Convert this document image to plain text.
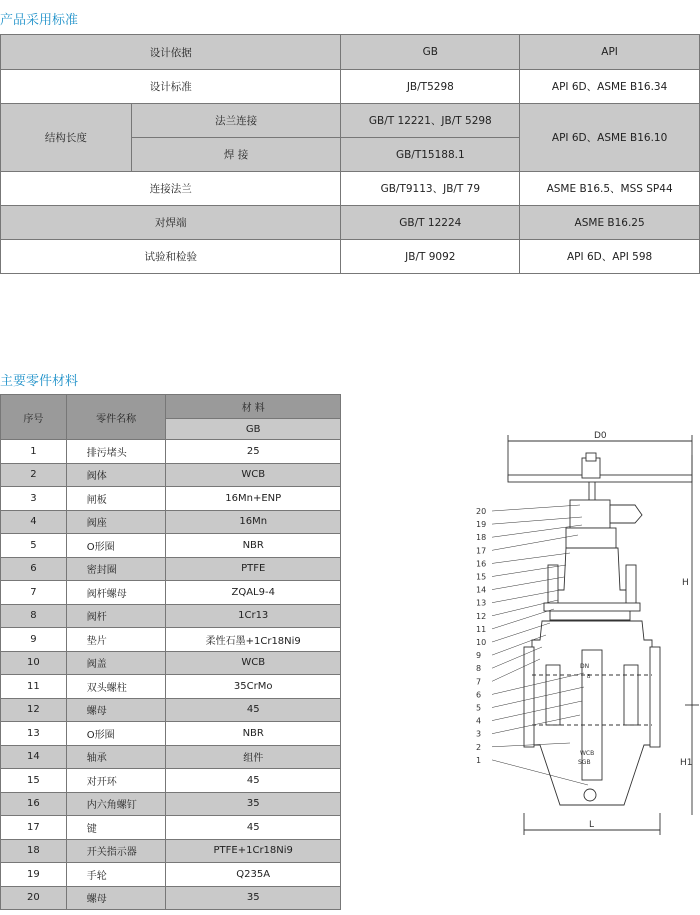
产品采用标准
设计依据		GB	API
设计标准		JB/T5298	API 6D、ASME B16.34
结构长度	法兰连接	GB/T 12221、JB/T 5298	API 6D、ASME B16.10
	焊 接	GB/T15188.1	
连接法兰		GB/T9113、JB/T 79	ASME B16.5、MSS SP44
对焊端		GB/T 12224	ASME B16.25
试验和检验		JB/T 9092	API 6D、API 598
主要零件材料
序号	零件名称	材 料
		GB
1	排污堵头	25
2	阀体	WCB
3	闸板	16Mn+ENP
4	阀座	16Mn
5	O形圈	NBR
6	密封圈	PTFE
7	阀杆螺母	ZQAL9-4
8	阀杆	1Cr13
9	垫片	柔性石墨+1Cr18Ni9
10	阀盖	WCB
11	双头螺柱	35CrMo
12	螺母	45
13	O形圈	NBR
14	轴承	组件
15	对开环	45
16	内六角螺钉	35
17	键	45
18	开关指示器	PTFE+1Cr18Ni9
19	手轮	Q235A
20	螺母	35
D0
DN
B
WCB
SGB
L
H
H1
20
19
18
17
16
15
14
13
12
11
10
9
8
7
6
5
4
3
2
1
